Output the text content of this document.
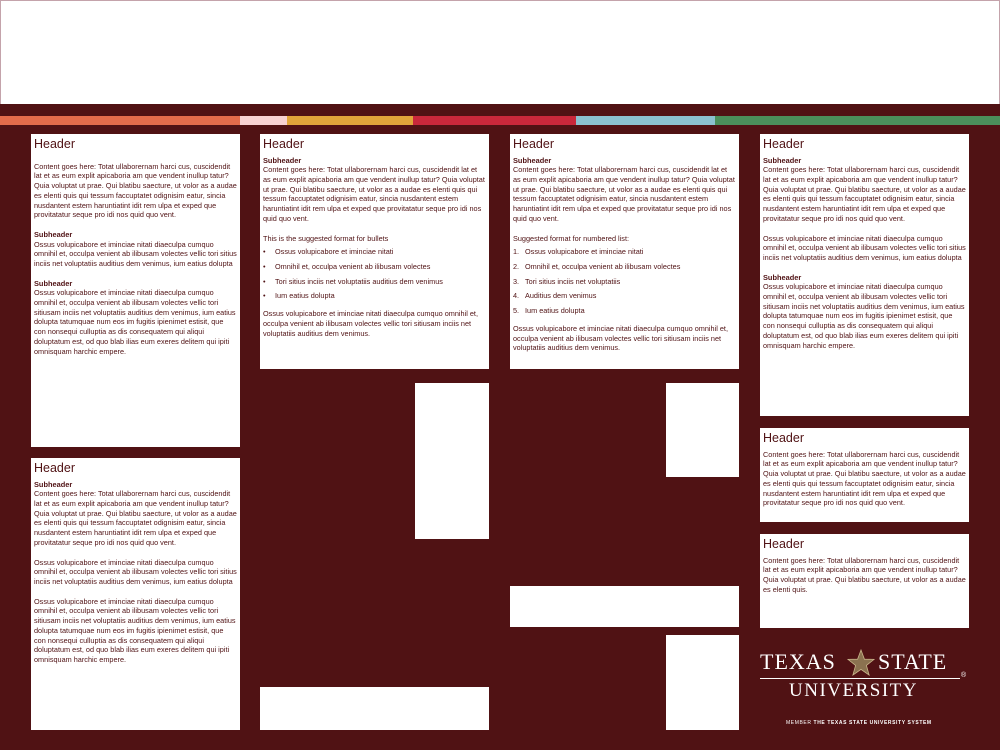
Header

Content goes here: Totat ullaborernam harci cus, cuscidendit lat et as eum explit apicaboria am que vendent inullup tatur? Quia voluptat ut prae. Qui blatibu saecture, ut volor as a audae es elenti quis qui tessum faccuptatet odignisim eatur, sincia nusdantent estem haruntiatint idit rem ulpa et exped que provitatatur seque pro idi nos quid quo vent.

Subheader

Ossus volupicabore et iminciae nitati diaeculpa cumquo omnihil et, occulpa venient ab ilibusam volectes vellic tori sitius inciis net voluptatiis auditius dem venimus, ium eatius dolupta

Subheader

Ossus volupicabore et iminciae nitati diaeculpa cumquo omnihil et, occulpa venient ab ilibusam volectes vellic tori sitiusam inciis net voluptatiis auditius dem venimus, ium eatius dolupta tatumquae num eos im fugitis ipienimet estisit, que con nonsequi culluptia as dis consequatem qui aliqui doluptatum est, od quo blab ilias eum exeres delitem qui ipiti omnisquam harchic empere.

Header
Subheader

Content goes here: Totat ullaborernam harci cus, cuscidendit lat et as eum explit apicaboria am que vendent inullup tatur? Quia voluptat ut prae. Qui blatibu saecture, ut volor as a audae es elenti quis qui tessum faccuptatet odignisim eatur, sincia nusdantent estem haruntiatint idit rem ulpa et exped que provitatatur seque pro idi nos quid quo vent.

Ossus volupicabore et iminciae nitati diaeculpa cumquo omnihil et, occulpa venient ab ilibusam volectes vellic tori sitius inciis net voluptatiis auditius dem venimus, ium eatius dolupta

Ossus volupicabore et iminciae nitati diaeculpa cumquo omnihil et, occulpa venient ab ilibusam volectes vellic tori sitiusam inciis net voluptatiis auditius dem venimus, ium eatius dolupta tatumquae num eos im fugitis ipienimet estisit, que con nonsequi culluptia as dis consequatem qui aliqui doluptatum est, od quo blab ilias eum exeres delitem qui ipiti omnisquam harchic empere.

Header
Subheader

Content goes here: Totat ullaborernam harci cus, cuscidendit lat et as eum explit apicaboria am que vendent inullup tatur? Quia voluptat ut prae. Qui blatibu saecture, ut volor as a audae es elenti quis qui tessum faccuptatet odignisim eatur, sincia nusdantent estem haruntiatint idit rem ulpa et exped que provitatatur seque pro idi nos quid quo vent.

This is the suggested format for bullets

•	Ossus volupicabore et iminciae nitati
•	Omnihil et, occulpa venient ab ilibusam volectes
•	Tori sitius inciis net voluptatiis auditius dem venimus
•	Ium eatius dolupta

Ossus volupicabore et iminciae nitati diaeculpa cumquo omnihil et, occulpa venient ab ilibusam volectes vellic tori sitiusam inciis net voluptatiis auditius dem venimus.

Header
Subheader

Content goes here: Totat ullaborernam harci cus, cuscidendit lat et as eum explit apicaboria am que vendent inullup tatur? Quia voluptat ut prae. Qui blatibu saecture, ut volor as a audae es elenti quis qui tessum faccuptatet odignisim eatur, sincia nusdantent estem haruntiatint idit rem ulpa et exped que provitatatur seque pro idi nos quid quo vent.

Suggested format for numbered list:

1. Ossus volupicabore et iminciae nitati
2. Omnihil et, occulpa venient ab ilibusam volectes
3. Tori sitius inciis net voluptatiis
4. Auditius dem venimus
5. Ium eatius dolupta

Ossus volupicabore et iminciae nitati diaeculpa cumquo omnihil et, occulpa venient ab ilibusam volectes vellic tori sitiusam inciis net voluptatiis auditius dem venimus.

Header
Subheader

Content goes here: Totat ullaborernam harci cus, cuscidendit lat et as eum explit apicaboria am que vendent inullup tatur? Quia voluptat ut prae. Qui blatibu saecture, ut volor as a audae es elenti quis qui tessum faccuptatet odignisim eatur, sincia nusdantent estem haruntiatint idit rem ulpa et exped que provitatatur seque pro idi nos quid quo vent.

Ossus volupicabore et iminciae nitati diaeculpa cumquo omnihil et, occulpa venient ab ilibusam volectes vellic tori sitius inciis net voluptatiis auditius dem venimus, ium eatius dolupta

Subheader

Ossus volupicabore et iminciae nitati diaeculpa cumquo omnihil et, occulpa venient ab ilibusam volectes vellic tori sitiusam inciis net voluptatiis auditius dem venimus, ium eatius dolupta tatumquae num eos im fugitis ipienimet estisit, que con nonsequi culluptia as dis consequatem qui aliqui doluptatum est, od quo blab ilias eum exeres delitem qui ipiti omnisquam harchic empere.

Header

Content goes here: Totat ullaborernam harci cus, cuscidendit lat et as eum explit apicaboria am que vendent inullup tatur? Quia voluptat ut prae. Qui blatibu saecture, ut volor as a audae es elenti quis qui tessum faccuptatet odignisim eatur, sincia nusdantent estem haruntiatint idit rem ulpa et exped que provitatatur seque pro idi nos quid quo vent.

Header

Content goes here: Totat ullaborernam harci cus, cuscidendit lat et as eum explit apicaboria am que vendent inullup tatur? Quia voluptat ut prae. Qui blatibu saecture, ut volor as a audae es elenti quis.

TEXAS STATE
®
UNIVERSITY
MEMBER THE TEXAS STATE UNIVERSITY SYSTEM
